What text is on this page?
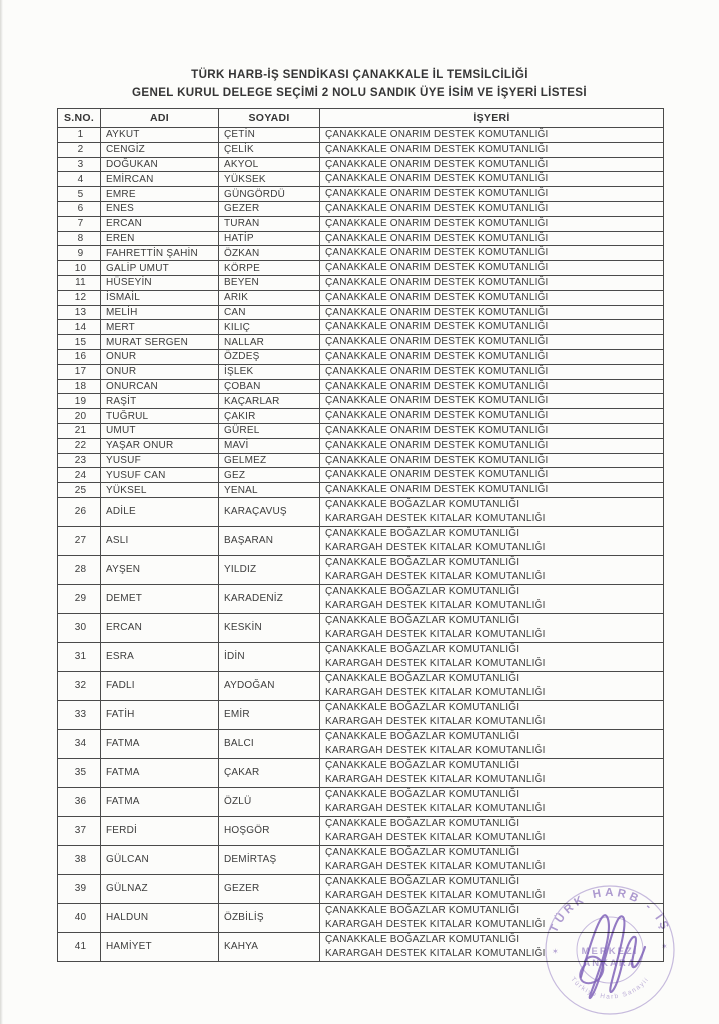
TÜRK HARB-İŞ SENDİKASI ÇANAKKALE İL TEMSİLCİLİĞİ
GENEL KURUL DELEGE SEÇİMİ 2 NOLU SANDIK ÜYE İSİM VE İŞYERİ LİSTESİ
S.NO.	ADI	SOYADI	İŞYERİ
1	AYKUT	ÇETİN	ÇANAKKALE ONARIM DESTEK KOMUTANLIĞI

2	CENGİZ	ÇELİK	ÇANAKKALE ONARIM DESTEK KOMUTANLIĞI

3	DOĞUKAN	AKYOL	ÇANAKKALE ONARIM DESTEK KOMUTANLIĞI

4	EMİRCAN	YÜKSEK	ÇANAKKALE ONARIM DESTEK KOMUTANLIĞI

5	EMRE	GÜNGÖRDÜ	ÇANAKKALE ONARIM DESTEK KOMUTANLIĞI

6	ENES	GEZER	ÇANAKKALE ONARIM DESTEK KOMUTANLIĞI

7	ERCAN	TURAN	ÇANAKKALE ONARIM DESTEK KOMUTANLIĞI

8	EREN	HATİP	ÇANAKKALE ONARIM DESTEK KOMUTANLIĞI

9	FAHRETTİN ŞAHİN	ÖZKAN	ÇANAKKALE ONARIM DESTEK KOMUTANLIĞI

10	GALİP UMUT	KÖRPE	ÇANAKKALE ONARIM DESTEK KOMUTANLIĞI

11	HÜSEYİN	BEYEN	ÇANAKKALE ONARIM DESTEK KOMUTANLIĞI

12	İSMAİL	ARIK	ÇANAKKALE ONARIM DESTEK KOMUTANLIĞI

13	MELİH	CAN	ÇANAKKALE ONARIM DESTEK KOMUTANLIĞI

14	MERT	KILIÇ	ÇANAKKALE ONARIM DESTEK KOMUTANLIĞI

15	MURAT SERGEN	NALLAR	ÇANAKKALE ONARIM DESTEK KOMUTANLIĞI

16	ONUR	ÖZDEŞ	ÇANAKKALE ONARIM DESTEK KOMUTANLIĞI

17	ONUR	İŞLEK	ÇANAKKALE ONARIM DESTEK KOMUTANLIĞI

18	ONURCAN	ÇOBAN	ÇANAKKALE ONARIM DESTEK KOMUTANLIĞI

19	RAŞİT	KAÇARLAR	ÇANAKKALE ONARIM DESTEK KOMUTANLIĞI

20	TUĞRUL	ÇAKIR	ÇANAKKALE ONARIM DESTEK KOMUTANLIĞI

21	UMUT	GÜREL	ÇANAKKALE ONARIM DESTEK KOMUTANLIĞI

22	YAŞAR ONUR	MAVİ	ÇANAKKALE ONARIM DESTEK KOMUTANLIĞI

23	YUSUF	GELMEZ	ÇANAKKALE ONARIM DESTEK KOMUTANLIĞI

24	YUSUF CAN	GEZ	ÇANAKKALE ONARIM DESTEK KOMUTANLIĞI

25	YÜKSEL	YENAL	ÇANAKKALE ONARIM DESTEK KOMUTANLIĞI

26	ADİLE	KARAÇAVUŞ	ÇANAKKALE BOĞAZLAR KOMUTANLIĞI
KARARGAH DESTEK KITALAR KOMUTANLIĞI

27	ASLI	BAŞARAN	ÇANAKKALE BOĞAZLAR KOMUTANLIĞI
KARARGAH DESTEK KITALAR KOMUTANLIĞI

28	AYŞEN	YILDIZ	ÇANAKKALE BOĞAZLAR KOMUTANLIĞI
KARARGAH DESTEK KITALAR KOMUTANLIĞI

29	DEMET	KARADENİZ	ÇANAKKALE BOĞAZLAR KOMUTANLIĞI
KARARGAH DESTEK KITALAR KOMUTANLIĞI

30	ERCAN	KESKİN	ÇANAKKALE BOĞAZLAR KOMUTANLIĞI
KARARGAH DESTEK KITALAR KOMUTANLIĞI

31	ESRA	İDİN	ÇANAKKALE BOĞAZLAR KOMUTANLIĞI
KARARGAH DESTEK KITALAR KOMUTANLIĞI

32	FADLI	AYDOĞAN	ÇANAKKALE BOĞAZLAR KOMUTANLIĞI
KARARGAH DESTEK KITALAR KOMUTANLIĞI

33	FATİH	EMİR	ÇANAKKALE BOĞAZLAR KOMUTANLIĞI
KARARGAH DESTEK KITALAR KOMUTANLIĞI

34	FATMA	BALCI	ÇANAKKALE BOĞAZLAR KOMUTANLIĞI
KARARGAH DESTEK KITALAR KOMUTANLIĞI

35	FATMA	ÇAKAR	ÇANAKKALE BOĞAZLAR KOMUTANLIĞI
KARARGAH DESTEK KITALAR KOMUTANLIĞI

36	FATMA	ÖZLÜ	ÇANAKKALE BOĞAZLAR KOMUTANLIĞI
KARARGAH DESTEK KITALAR KOMUTANLIĞI

37	FERDİ	HOŞGÖR	ÇANAKKALE BOĞAZLAR KOMUTANLIĞI
KARARGAH DESTEK KITALAR KOMUTANLIĞI

38	GÜLCAN	DEMİRTAŞ	ÇANAKKALE BOĞAZLAR KOMUTANLIĞI
KARARGAH DESTEK KITALAR KOMUTANLIĞI

39	GÜLNAZ	GEZER	ÇANAKKALE BOĞAZLAR KOMUTANLIĞI
KARARGAH DESTEK KITALAR KOMUTANLIĞI

40	HALDUN	ÖZBİLİŞ	ÇANAKKALE BOĞAZLAR KOMUTANLIĞI
KARARGAH DESTEK KITALAR KOMUTANLIĞI

41	HAMİYET	KAHYA	ÇANAKKALE BOĞAZLAR KOMUTANLIĞI
KARARGAH DESTEK KITALAR KOMUTANLIĞI
TÜRK HARB - İŞ
Türkiye Harb Sanayii
✶
✶
MERKEZİ
ANKARA
